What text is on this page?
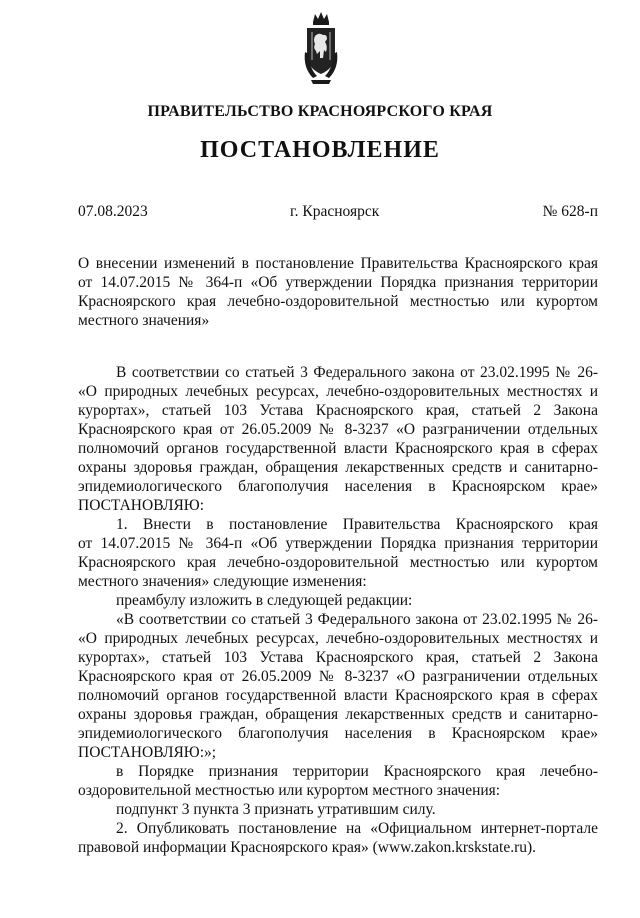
ПРАВИТЕЛЬСТВО КРАСНОЯРСКОГО КРАЯ
ПОСТАНОВЛЕНИЕ
07.08.2023	г. Красноярск	№ 628-п
О внесении изменений в постановление Правительства Красноярского края
от 14.07.2015 № 364-п «Об утверждении Порядка признания территории
Красноярского края лечебно-оздоровительной местностью или курортом
местного значения»
В соответствии со статьей 3 Федерального закона от 23.02.1995 № 26-
«О природных лечебных ресурсах, лечебно-оздоровительных местностях и
курортах», статьей 103 Устава Красноярского края, статьей 2 Закона
Красноярского края от 26.05.2009 № 8-3237 «О разграничении отдельных
полномочий органов государственной власти Красноярского края в сферах
охраны здоровья граждан, обращения лекарственных средств и санитарно-
эпидемиологического благополучия населения в Красноярском крае»
ПОСТАНОВЛЯЮ:
1. Внести в постановление Правительства Красноярского края
от 14.07.2015 № 364-п «Об утверждении Порядка признания территории
Красноярского края лечебно-оздоровительной местностью или курортом
местного значения» следующие изменения:
преамбулу изложить в следующей редакции:
«В соответствии со статьей 3 Федерального закона от 23.02.1995 № 26-
«О природных лечебных ресурсах, лечебно-оздоровительных местностях и
курортах», статьей 103 Устава Красноярского края, статьей 2 Закона
Красноярского края от 26.05.2009 № 8-3237 «О разграничении отдельных
полномочий органов государственной власти Красноярского края в сферах
охраны здоровья граждан, обращения лекарственных средств и санитарно-
эпидемиологического благополучия населения в Красноярском крае»
ПОСТАНОВЛЯЮ:»;
в Порядке признания территории Красноярского края лечебно-
оздоровительной местностью или курортом местного значения:
подпункт 3 пункта 3 признать утратившим силу.
2. Опубликовать постановление на «Официальном интернет-портале
правовой информации Красноярского края» (www.zakon.krskstate.ru).
